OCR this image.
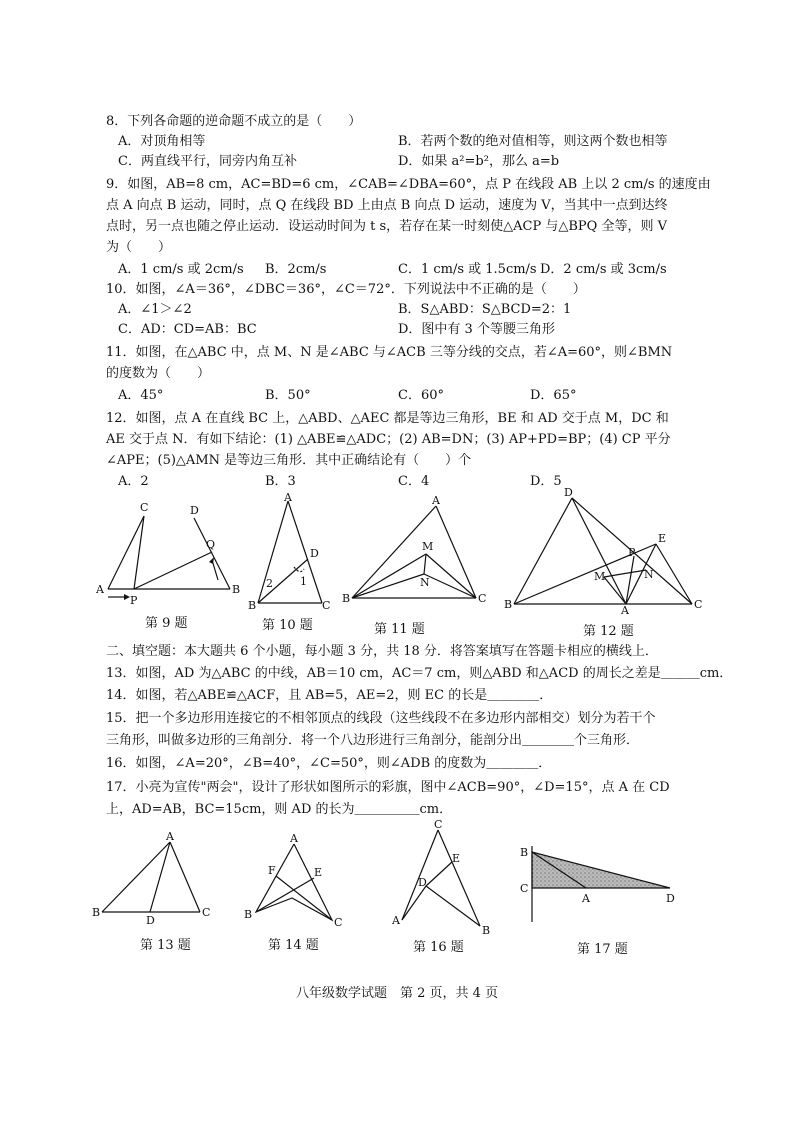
8．下列各命题的逆命题不成立的是（　　）
A．对顶角相等	B．若两个数的绝对值相等，则这两个数也相等
C．两直线平行，同旁内角互补	D．如果 a²=b²，那么 a=b
9．如图，AB=8 cm，AC=BD=6 cm，∠CAB=∠DBA=60°，点 P 在线段 AB 上以 2 cm/s 的速度由
点 A 向点 B 运动，同时，点 Q 在线段 BD 上由点 B 向点 D 运动，速度为 V，当其中一点到达终
点时，另一点也随之停止运动．设运动时间为 t s，若存在某一时刻使△ACP 与△BPQ 全等，则 V
为（　　）
A．1 cm/s 或 2cm/s B．2cm/s	C．1 cm/s 或 1.5cm/s D．2 cm/s 或 3cm/s
10．如图，∠A＝36°，∠DBC＝36°，∠C＝72°．下列说法中不正确的是（　　）
A．∠1＞∠2	B．S△ABD：S△BCD=2：1
C．AD：CD=AB：BC	D．图中有 3 个等腰三角形
11．如图，在△ABC 中，点 M、N 是∠ABC 与∠ACB 三等分线的交点，若∠A=60°，则∠BMN
的度数为（　　）
A．45°	B．50°	C．60°	D．65°
12．如图，点 A 在直线 BC 上，△ABD、△AEC 都是等边三角形，BE 和 AD 交于点 M，DC 和
AE 交于点 N．有如下结论：(1) △ABE≌△ADC；(2) AB=DN；(3) AP+PD=BP；(4) CP 平分
∠APE；(5)△AMN 是等边三角形．其中正确结论有（　　）个
A．2	B．3	C．4	D．5
A
C	D
B
Q
P
第 9 题
A
D
B	C
2 1
第 10 题
A
M
N
B	C
第 11 题
D
E
P
M	N
B	C
A
第 12 题
二、填空题：本大题共 6 个小题，每小题 3 分，共 18 分．将答案填写在答题卡相应的横线上．
13．如图，AD 为△ABC 的中线，AB＝10 cm，AC＝7 cm，则△ABD 和△ACD 的周长之差是＿＿＿cm．
14．如图，若△ABE≌△ACF，且 AB=5，AE=2，则 EC 的长是＿＿＿＿．
15．把一个多边形用连接它的不相邻顶点的线段（这些线段不在多边形内部相交）划分为若干个
三角形，叫做多边形的三角剖分．将一个八边形进行三角剖分，能剖分出＿＿＿＿个三角形．
16．如图，∠A=20°，∠B=40°，∠C=50°，则∠ADB 的度数为＿＿＿＿．
17．小亮为宣传"两会"，设计了形状如图所示的彩旗，图中∠ACB=90°，∠D=15°，点 A 在 CD
上，AD=AB，BC=15cm，则 AD 的长为＿＿＿＿＿cm．
A
B
D
C
第 13 题
A
F	E
B
C
第 14 题
C
E
D
A
B
第 16 题
B
C
A	D
第 17 题
八年级数学试题　第 2 页，共 4 页
